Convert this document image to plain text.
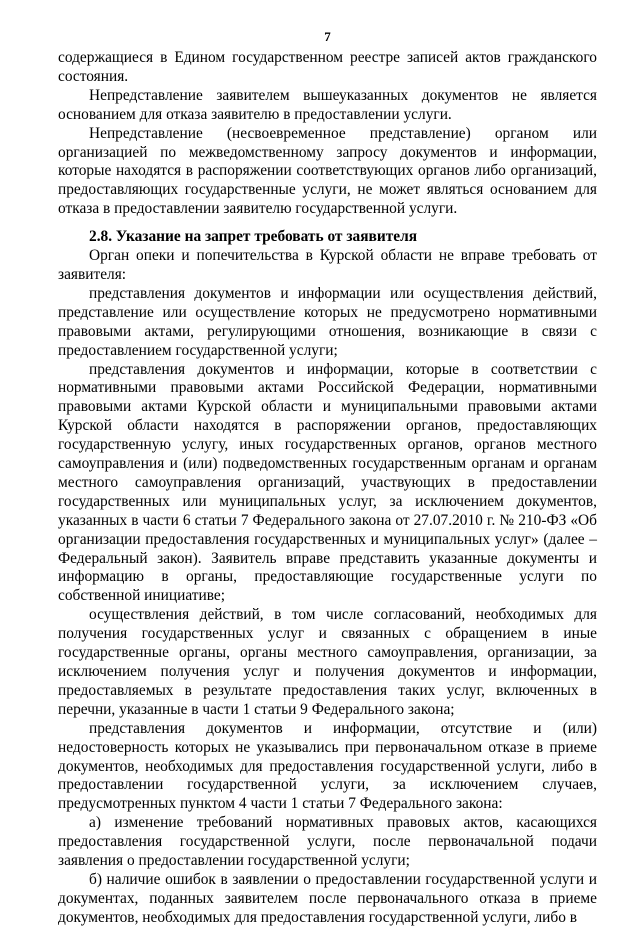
7

содержащиеся в Едином государственном реестре записей актов гражданского состояния.

Непредставление заявителем вышеуказанных документов не является основанием для отказа заявителю в предоставлении услуги.

Непредставление (несвоевременное представление) органом или организацией по межведомственному запросу документов и информации, которые находятся в распоряжении соответствующих органов либо организаций, предоставляющих государственные услуги, не может являться основанием для отказа в предоставлении заявителю государственной услуги.

2.8. Указание на запрет требовать от заявителя

Орган опеки и попечительства в Курской области не вправе требовать от заявителя:

представления документов и информации или осуществления действий, представление или осуществление которых не предусмотрено нормативными правовыми актами, регулирующими отношения, возникающие в связи с предоставлением государственной услуги;

представления документов и информации, которые в соответствии с нормативными правовыми актами Российской Федерации, нормативными правовыми актами Курской области и муниципальными правовыми актами Курской области находятся в распоряжении органов, предоставляющих государственную услугу, иных государственных органов, органов местного самоуправления и (или) подведомственных государственным органам и органам местного самоуправления организаций, участвующих в предоставлении государственных или муниципальных услуг, за исключением документов, указанных в части 6 статьи 7 Федерального закона от 27.07.2010 г. № 210-ФЗ «Об организации предоставления государственных и муниципальных услуг» (далее – Федеральный закон). Заявитель вправе представить указанные документы и информацию в органы, предоставляющие государственные услуги по собственной инициативе;

осуществления действий, в том числе согласований, необходимых для получения государственных услуг и связанных с обращением в иные государственные органы, органы местного самоуправления, организации, за исключением получения услуг и получения документов и информации, предоставляемых в результате предоставления таких услуг, включенных в перечни, указанные в части 1 статьи 9 Федерального закона;

представления документов и информации, отсутствие и (или) недостоверность которых не указывались при первоначальном отказе в приеме документов, необходимых для предоставления государственной услуги, либо в предоставлении государственной услуги, за исключением случаев, предусмотренных пунктом 4 части 1 статьи 7 Федерального закона:

а) изменение требований нормативных правовых актов, касающихся предоставления государственной услуги, после первоначальной подачи заявления о предоставлении государственной услуги;

б) наличие ошибок в заявлении о предоставлении государственной услуги и документах, поданных заявителем после первоначального отказа в приеме документов, необходимых для предоставления государственной услуги, либо в
